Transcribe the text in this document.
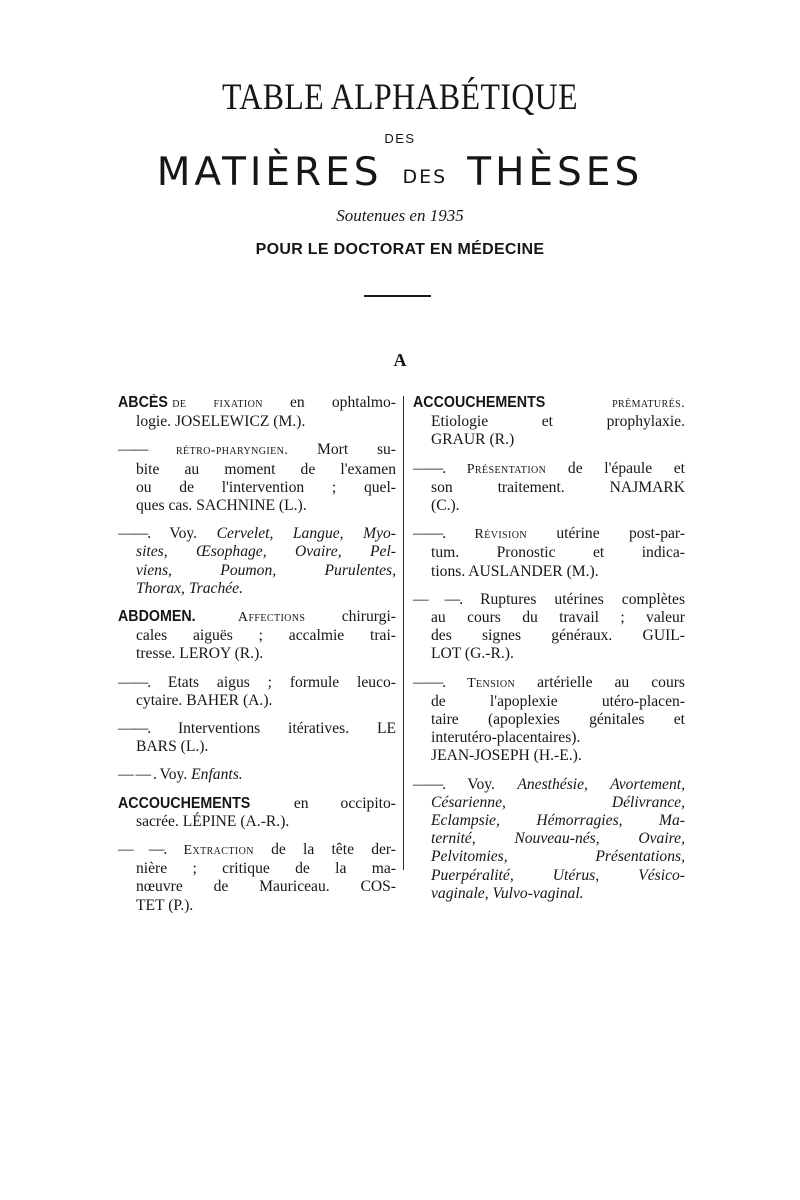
TABLE ALPHABÉTIQUE
DES
MATIÈRES DES THÈSES
Soutenues en 1935
POUR LE DOCTORAT EN MÉDECINE
A
ABCÈS de fixation en ophtalmo-
logie. JOSELEWICZ (M.).
—— rétro-pharyngien. Mort su-
bite au moment de l'examen
ou de l'intervention ; quel-
ques cas. SACHNINE (L.).
——. Voy. Cervelet, Langue, Myo-
sites, Œsophage, Ovaire, Pel-
viens, Poumon, Purulentes,
Thorax, Trachée.
ABDOMEN. Affections chirurgi-
cales aiguës ; accalmie trai-
tresse. LEROY (R.).
——. Etats aigus ; formule leuco-
cytaire. BAHER (A.).
——. Interventions itératives. LE
BARS (L.).
— — . Voy. Enfants.
ACCOUCHEMENTS en occipito-
sacrée. LÉPINE (A.-R.).
— —. Extraction de la tête der-
nière ; critique de la ma-
nœuvre de Mauriceau. COS-
TET (P.).
ACCOUCHEMENTS prématurés.
Etiologie et prophylaxie.
GRAUR (R.)
——. Présentation de l'épaule et
son traitement. NAJMARK
(C.).
——. Révision utérine post-par-
tum. Pronostic et indica-
tions. AUSLANDER (M.).
— —. Ruptures utérines complètes
au cours du travail ; valeur
des signes généraux. GUIL-
LOT (G.-R.).
——. Tension artérielle au cours
de l'apoplexie utéro-placen-
taire (apoplexies génitales et
interutéro-placentaires).
JEAN-JOSEPH (H.-E.).
——. Voy. Anesthésie, Avortement,
Césarienne, Délivrance,
Eclampsie, Hémorragies, Ma-
ternité, Nouveau-nés, Ovaire,
Pelvitomies, Présentations,
Puerpéralité, Utérus, Vésico-
vaginale, Vulvo-vaginal.
